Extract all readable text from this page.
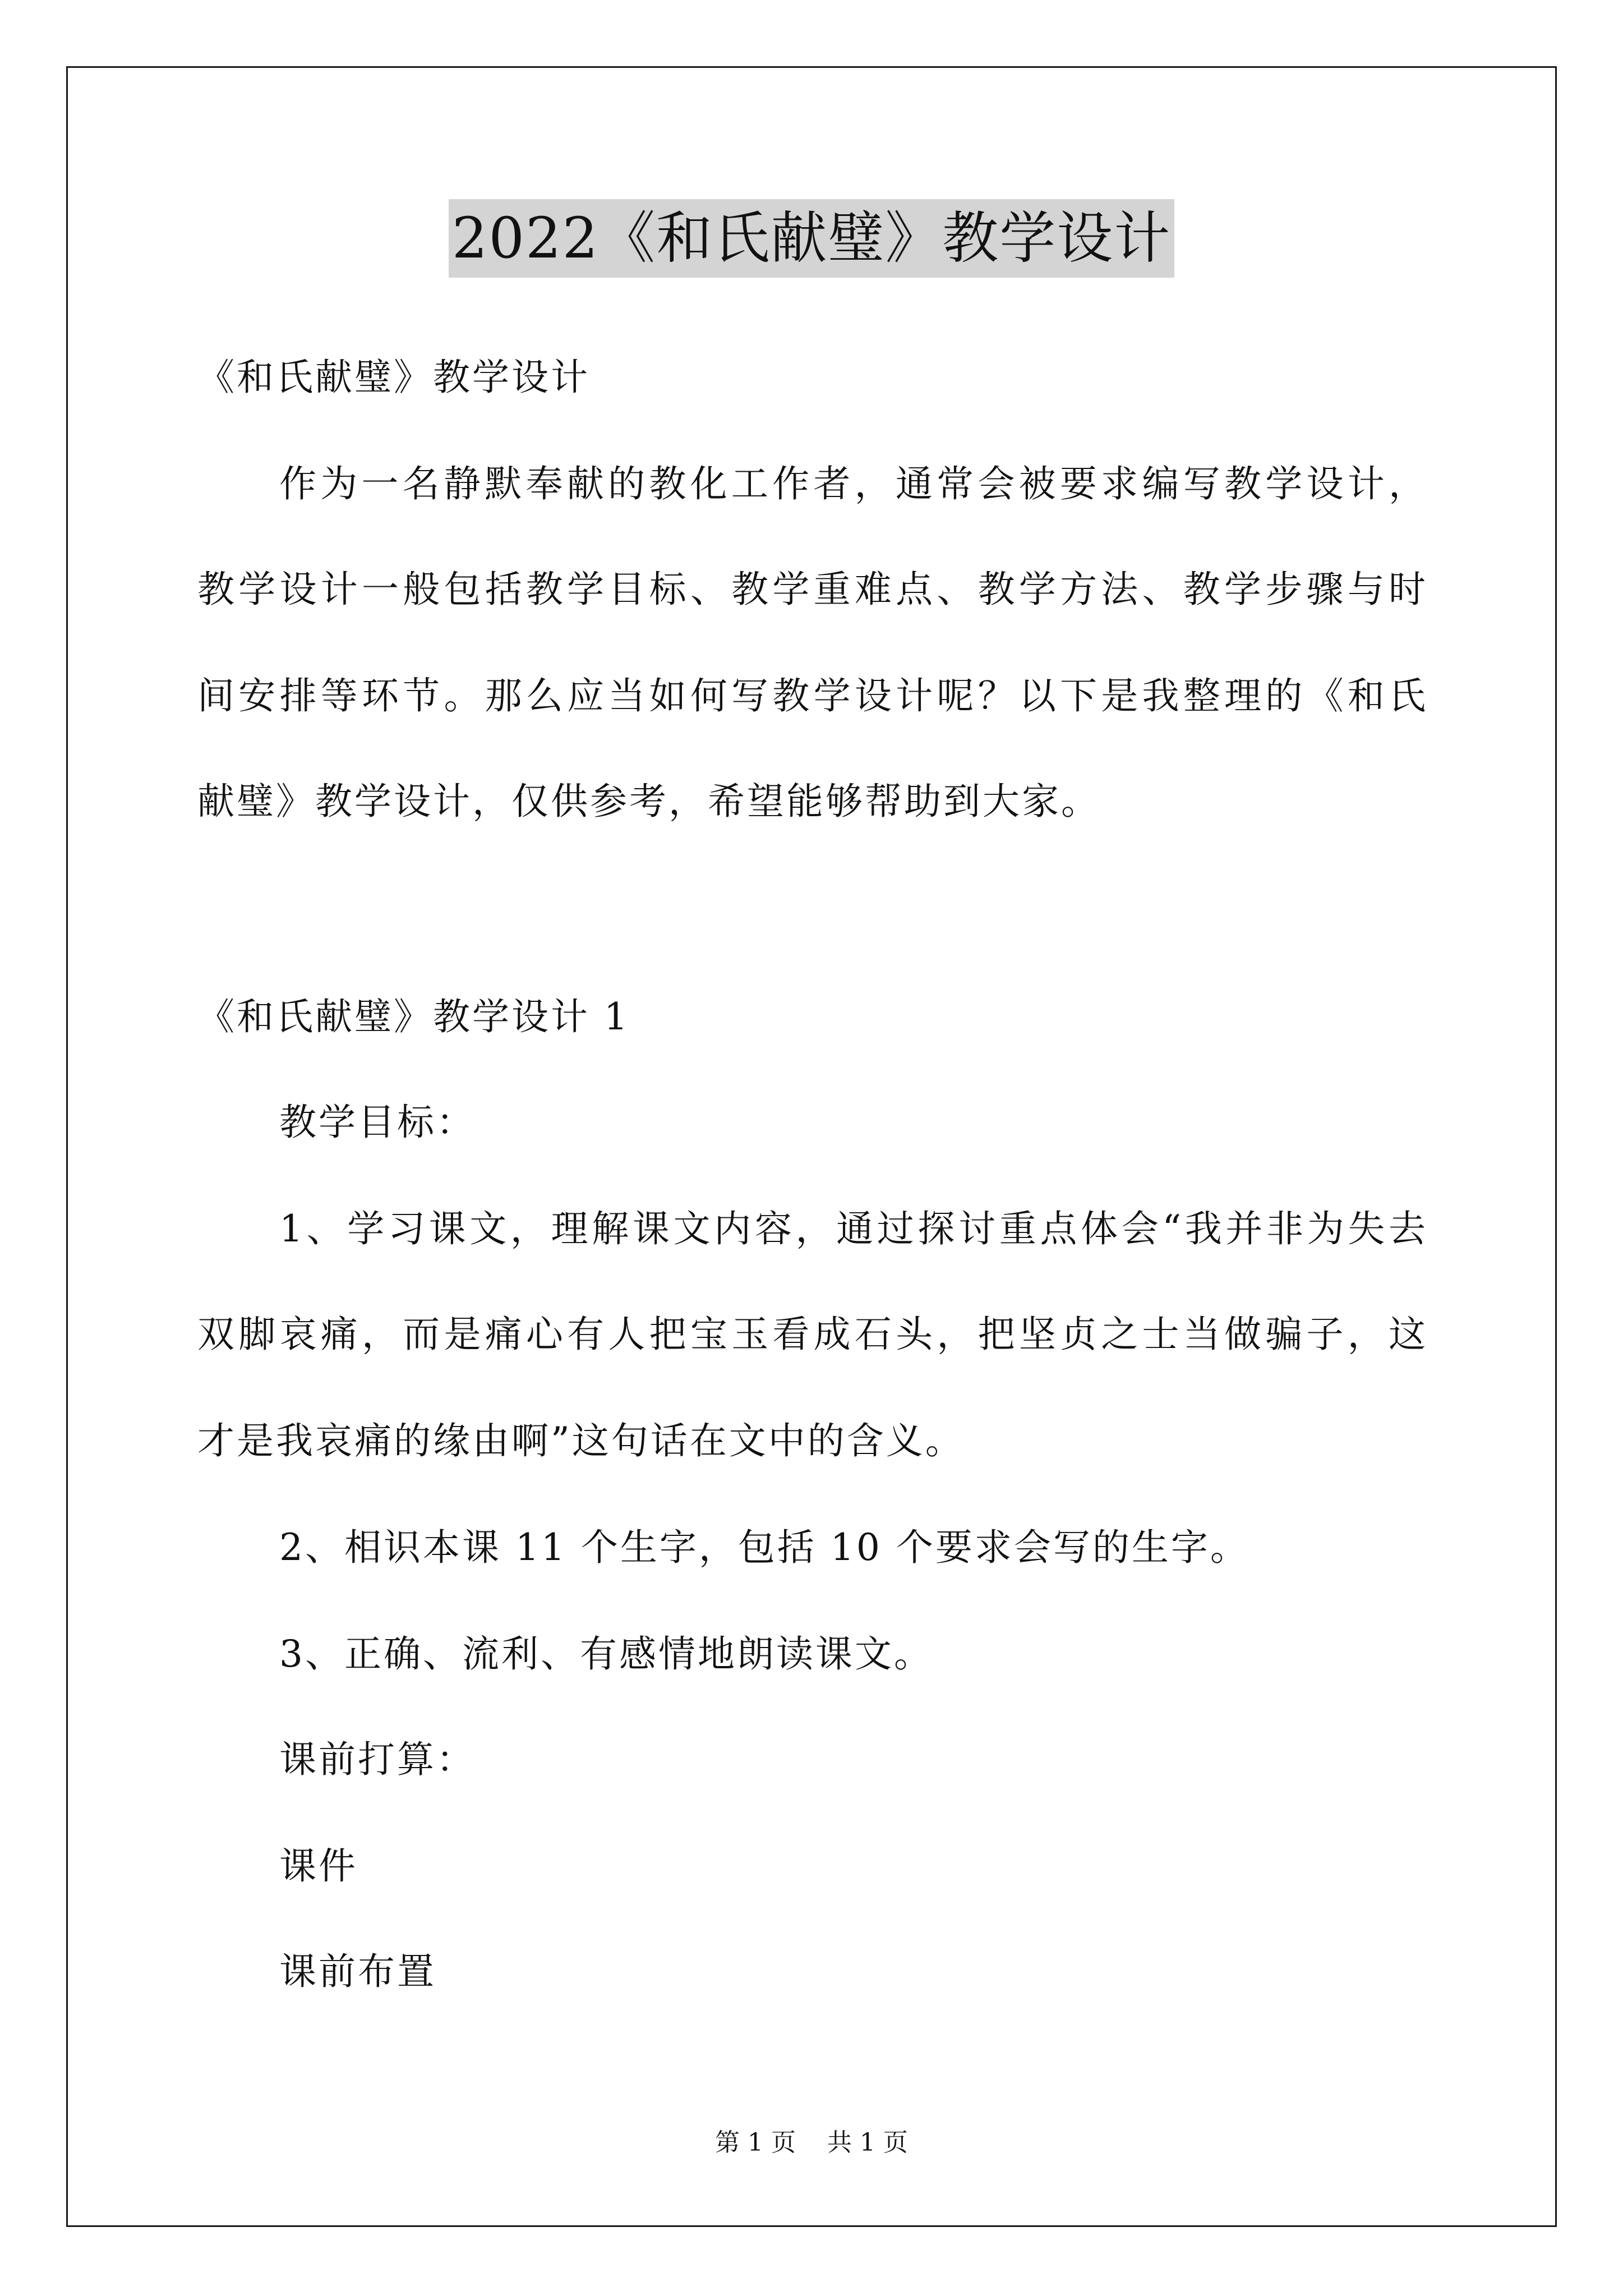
2022《和氏献璧》教学设计
《和氏献璧》教学设计
作为一名静默奉献的教化工作者，通常会被要求编写教学设计，
教学设计一般包括教学目标、教学重难点、教学方法、教学步骤与时
间安排等环节。那么应当如何写教学设计呢？以下是我整理的《和氏
献璧》教学设计，仅供参考，希望能够帮助到大家。
《和氏献璧》教学设计 1
教学目标：
1、学习课文，理解课文内容，通过探讨重点体会“我并非为失去
双脚哀痛，而是痛心有人把宝玉看成石头，把坚贞之士当做骗子，这
才是我哀痛的缘由啊”这句话在文中的含义。
2、相识本课 11 个生字，包括 10 个要求会写的生字。
3、正确、流利、有感情地朗读课文。
课前打算：
课件
课前布置
第 1 页    共 1 页
